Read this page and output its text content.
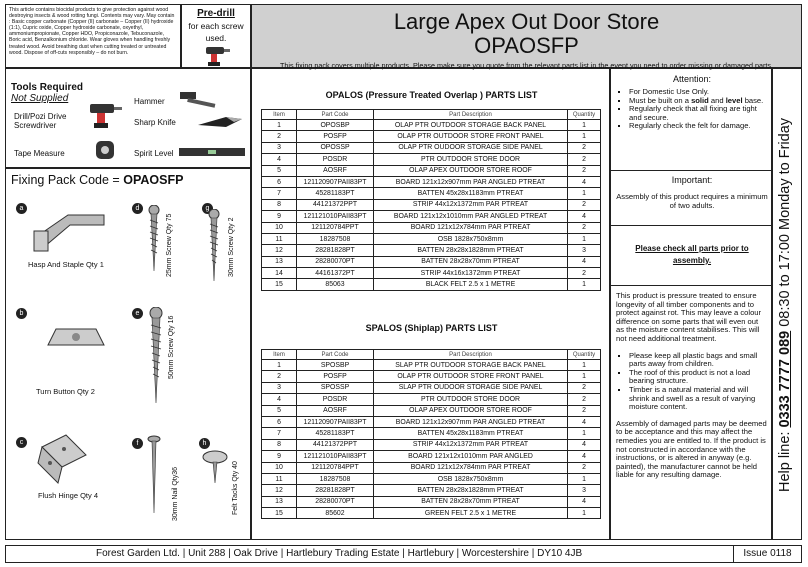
This article contains biocidal products to give protection against wood destroying insects & wood rotting fungi. Contents may vary. May contain : Basic copper carbonate (Copper (II) carbonate – Copper (II) hydroxide (1:1), Cupric oxide, Copper hydroxide carbonate, oxyethyl, ammoniumpropionate, Copper HDO, Propiconazole, Tebuconazole, Boric acid, Benzalkonium chloride. Wear gloves when handling freshly treated wood. Avoid breathing dust when cutting treated or untreated wood. Dispose of off-cuts responsibly – do not burn.
Pre-drill
for each screw
used.
Large Apex Out Door Store
OPAOSFP
This fixing pack covers multiple products. Please make sure you quote from the relevant parts list in the event you need to order missing or damaged parts.
Tools Required
Not Supplied	Hammer
Drill/Pozi Drive Screwdriver	Sharp Knife
Tape Measure	Spirit Level
Fixing Pack Code = OPAOSFP
a
Hasp And Staple Qty 1
d
25mm Screw Qty 75
g
30mm Screw Qty 2
b
Turn Button Qty 2
e
50mm Screw Qty 16
c
Flush Hinge Qty 4
f
30mm Nail Qty36
h
Felt Tacks Qty 40
OPALOS (Pressure Treated Overlap ) PARTS LIST
Item	Part Code	Part Description	Quantity
1	OPOSBP	OLAP PTR OUTDOOR STORAGE BACK PANEL	1
2	POSFP	OLAP PTR OUTDOOR STORE FRONT PANEL	1
3	OPOSSP	OLAP PTR OUDOOR STORAGE SIDE PANEL	2
4	POSDR	PTR OUTDOOR STORE DOOR	2
5	AOSRF	OLAP APEX OUTDOOR STORE ROOF	2
6	121120907PAII83PT	BOARD 121x12x907mm PAR ANGLED PTREAT	4
7	45281183PT	BATTEN 45x28x1183mm PTREAT	1
8	44121372PPT	STRIP 44x12x1372mm PAR PTREAT	2
9	121121010PAII83PT	BOARD 121x12x1010mm PAR ANGLED PTREAT	4
10	121120784PPT	BOARD 121x12x784mm PAR PTREAT	2
11	18287508	OSB 1828x750x8mm	1
12	28281828PT	BATTEN 28x28x1828mm PTREAT	3
13	28280070PT	BATTEN 28x28x70mm PTREAT	4
14	44161372PT	STRIP 44x16x1372mm PTREAT	2
15	85063	BLACK FELT 2.5 x 1 METRE	1
SPALOS (Shiplap) PARTS LIST
Item	Part Code	Part Description	Quantity
1	SPOSBP	SLAP PTR OUTDOOR STORAGE BACK PANEL	1
2	POSFP	OLAP PTR OUTDOOR STORE FRONT PANEL	1
3	SPOSSP	SLAP PTR OUDOOR STORAGE SIDE PANEL	2
4	POSDR	PTR OUTDOOR STORE DOOR	2
5	AOSRF	OLAP APEX OUTDOOR STORE ROOF	2
6	121120907PAII83PT	BOARD 121x12x907mm PAR ANGLED PTREAT	4
7	45281183PT	BATTEN 45x28x1183mm PTREAT	1
8	44121372PPT	STRIP 44x12x1372mm PAR PTREAT	4
9	121121010PAII83PT	BOARD 121x12x1010mm PAR ANGLED	4
10	121120784PPT	BOARD 121x12x784mm PAR PTREAT	2
11	18287508	OSB 1828x750x8mm	1
12	28281828PT	BATTEN 28x28x1828mm PTREAT	3
13	28280070PT	BATTEN 28x28x70mm PTREAT	4
15	85602	GREEN FELT 2.5 x 1 METRE	1
Attention:
▪ For Domestic Use Only.
▪ Must be built on a solid and level base.
▪ Regularly check that all fixing are tight and secure.
▪ Regularly check the felt for damage.
Important:
Assembly of this product requires a minimum of two adults.
Please check all parts prior to assembly.
This product is pressure treated to ensure longevity of all timber components and to protect against rot. This may leave a colour difference on some parts that will even out as the moisture content stabilises. This will not need additional treatment.
▪ Please keep all plastic bags and small parts away from children.
▪ The roof of this product is not a load bearing structure.
▪ Timber is a natural material and will shrink and swell as a result of varying moisture content.
Assembly of damaged parts may be deemed to be acceptance and this may affect the remedies you are entitled to. If the product is not constructed in accordance with the instructions, or is altered in anyway (e.g. painted), the manufacturer cannot be held liable for any resulting damage.	Help line: 0333 7777 089 08:30 to 17:00 Monday to Friday
Forest Garden Ltd. | Unit 288 | Oak Drive | Hartlebury Trading Estate | Hartlebury | Worcestershire | DY10 4JB	Issue 0118
